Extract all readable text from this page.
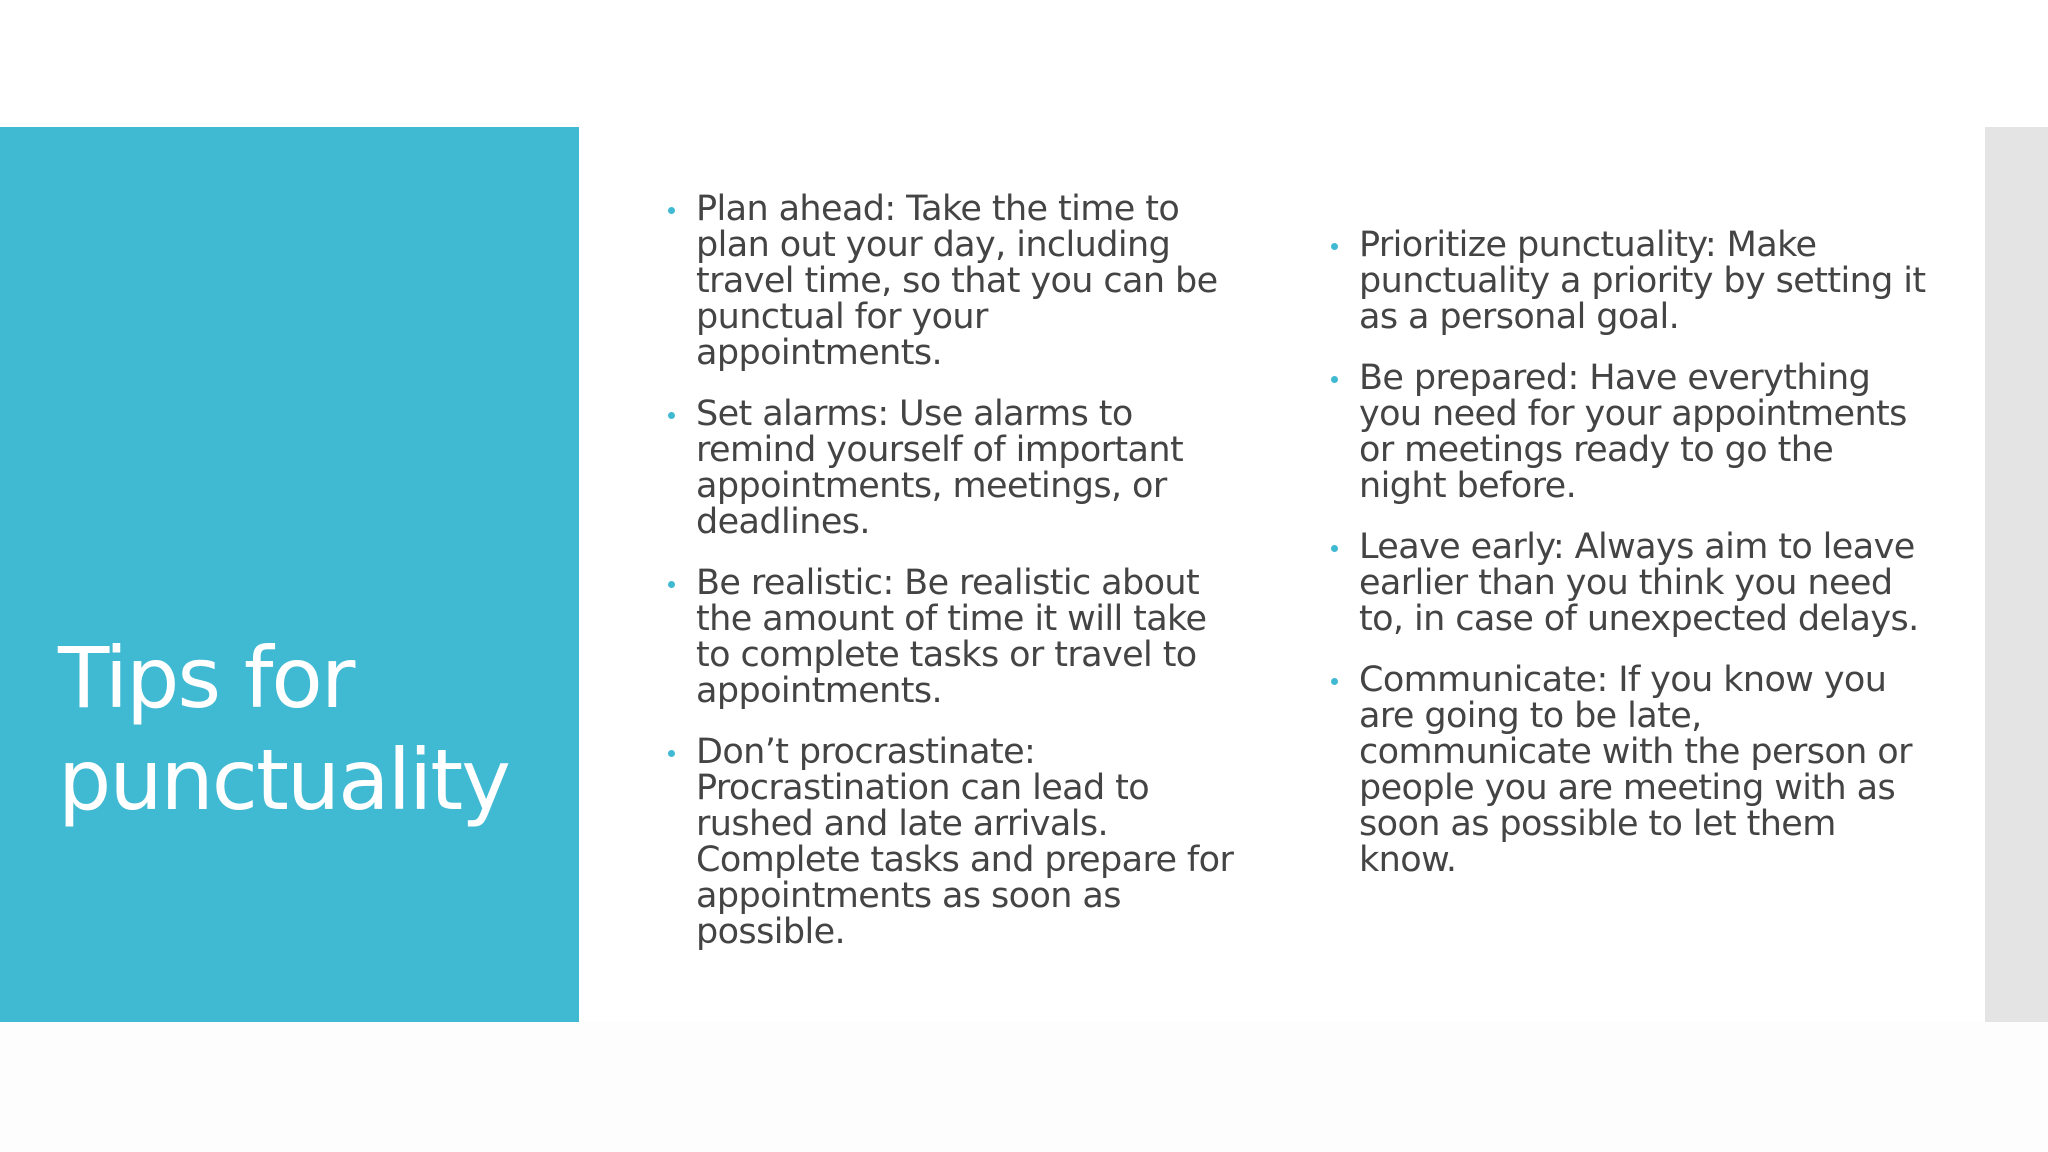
Tips for punctuality
Plan ahead: Take the time to plan out your day, including travel time, so that you can be punctual for your appointments.
Set alarms: Use alarms to remind yourself of important appointments, meetings, or deadlines.
Be realistic: Be realistic about the amount of time it will take to complete tasks or travel to appointments.
Don’t procrastinate: Procrastination can lead to rushed and late arrivals. Complete tasks and prepare for appointments as soon as possible.
Prioritize punctuality: Make punctuality a priority by setting it as a personal goal.
Be prepared: Have everything you need for your appointments or meetings ready to go the night before.
Leave early: Always aim to leave earlier than you think you need to, in case of unexpected delays.
Communicate: If you know you are going to be late, communicate with the person or people you are meeting with as soon as possible to let them know.
